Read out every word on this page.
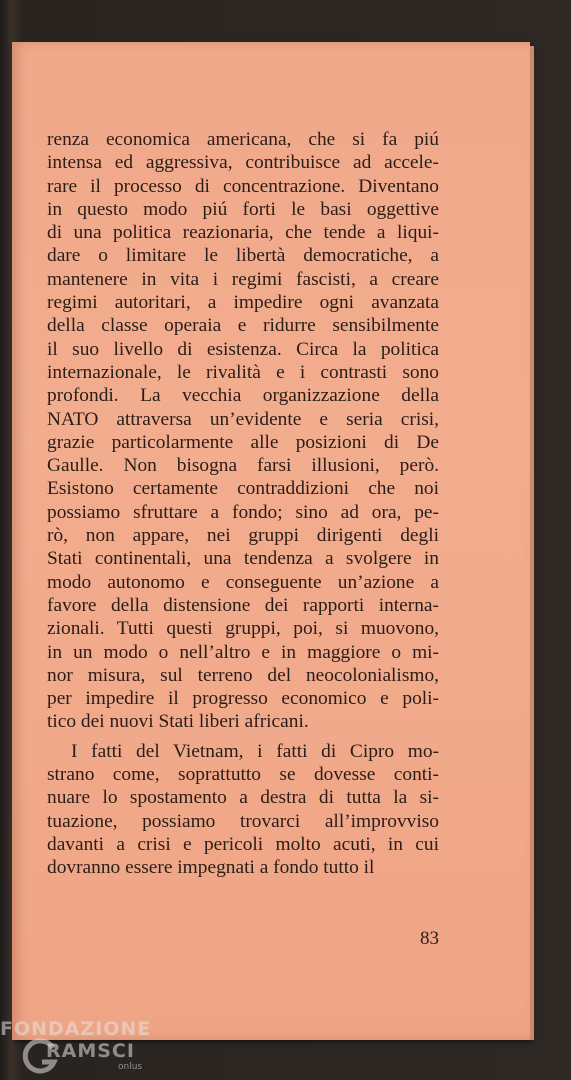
renza economica americana, che si fa piú
intensa ed aggressiva, contribuisce ad accele-
rare il processo di concentrazione. Diventano
in questo modo piú forti le basi oggettive
di una politica reazionaria, che tende a liqui-
dare o limitare le libertà democratiche, a
mantenere in vita i regimi fascisti, a creare
regimi autoritari, a impedire ogni avanzata
della classe operaia e ridurre sensibilmente
il suo livello di esistenza. Circa la politica
internazionale, le rivalità e i contrasti sono
profondi. La vecchia organizzazione della
NATO attraversa un’evidente e seria crisi,
grazie particolarmente alle posizioni di De
Gaulle. Non bisogna farsi illusioni, però.
Esistono certamente contraddizioni che noi
possiamo sfruttare a fondo; sino ad ora, pe-
rò, non appare, nei gruppi dirigenti degli
Stati continentali, una tendenza a svolgere in
modo autonomo e conseguente un’azione a
favore della distensione dei rapporti interna-
zionali. Tutti questi gruppi, poi, si muovono,
in un modo o nell’altro e in maggiore o mi-
nor misura, sul terreno del neocolonialismo,
per impedire il progresso economico e poli-
tico dei nuovi Stati liberi africani.
I fatti del Vietnam, i fatti di Cipro mo-
strano come, soprattutto se dovesse conti-
nuare lo spostamento a destra di tutta la si-
tuazione, possiamo trovarci all’improvviso
davanti a crisi e pericoli molto acuti, in cui
dovranno essere impegnati a fondo tutto il
83
FONDAZIONE
RAMSCI
onlus
